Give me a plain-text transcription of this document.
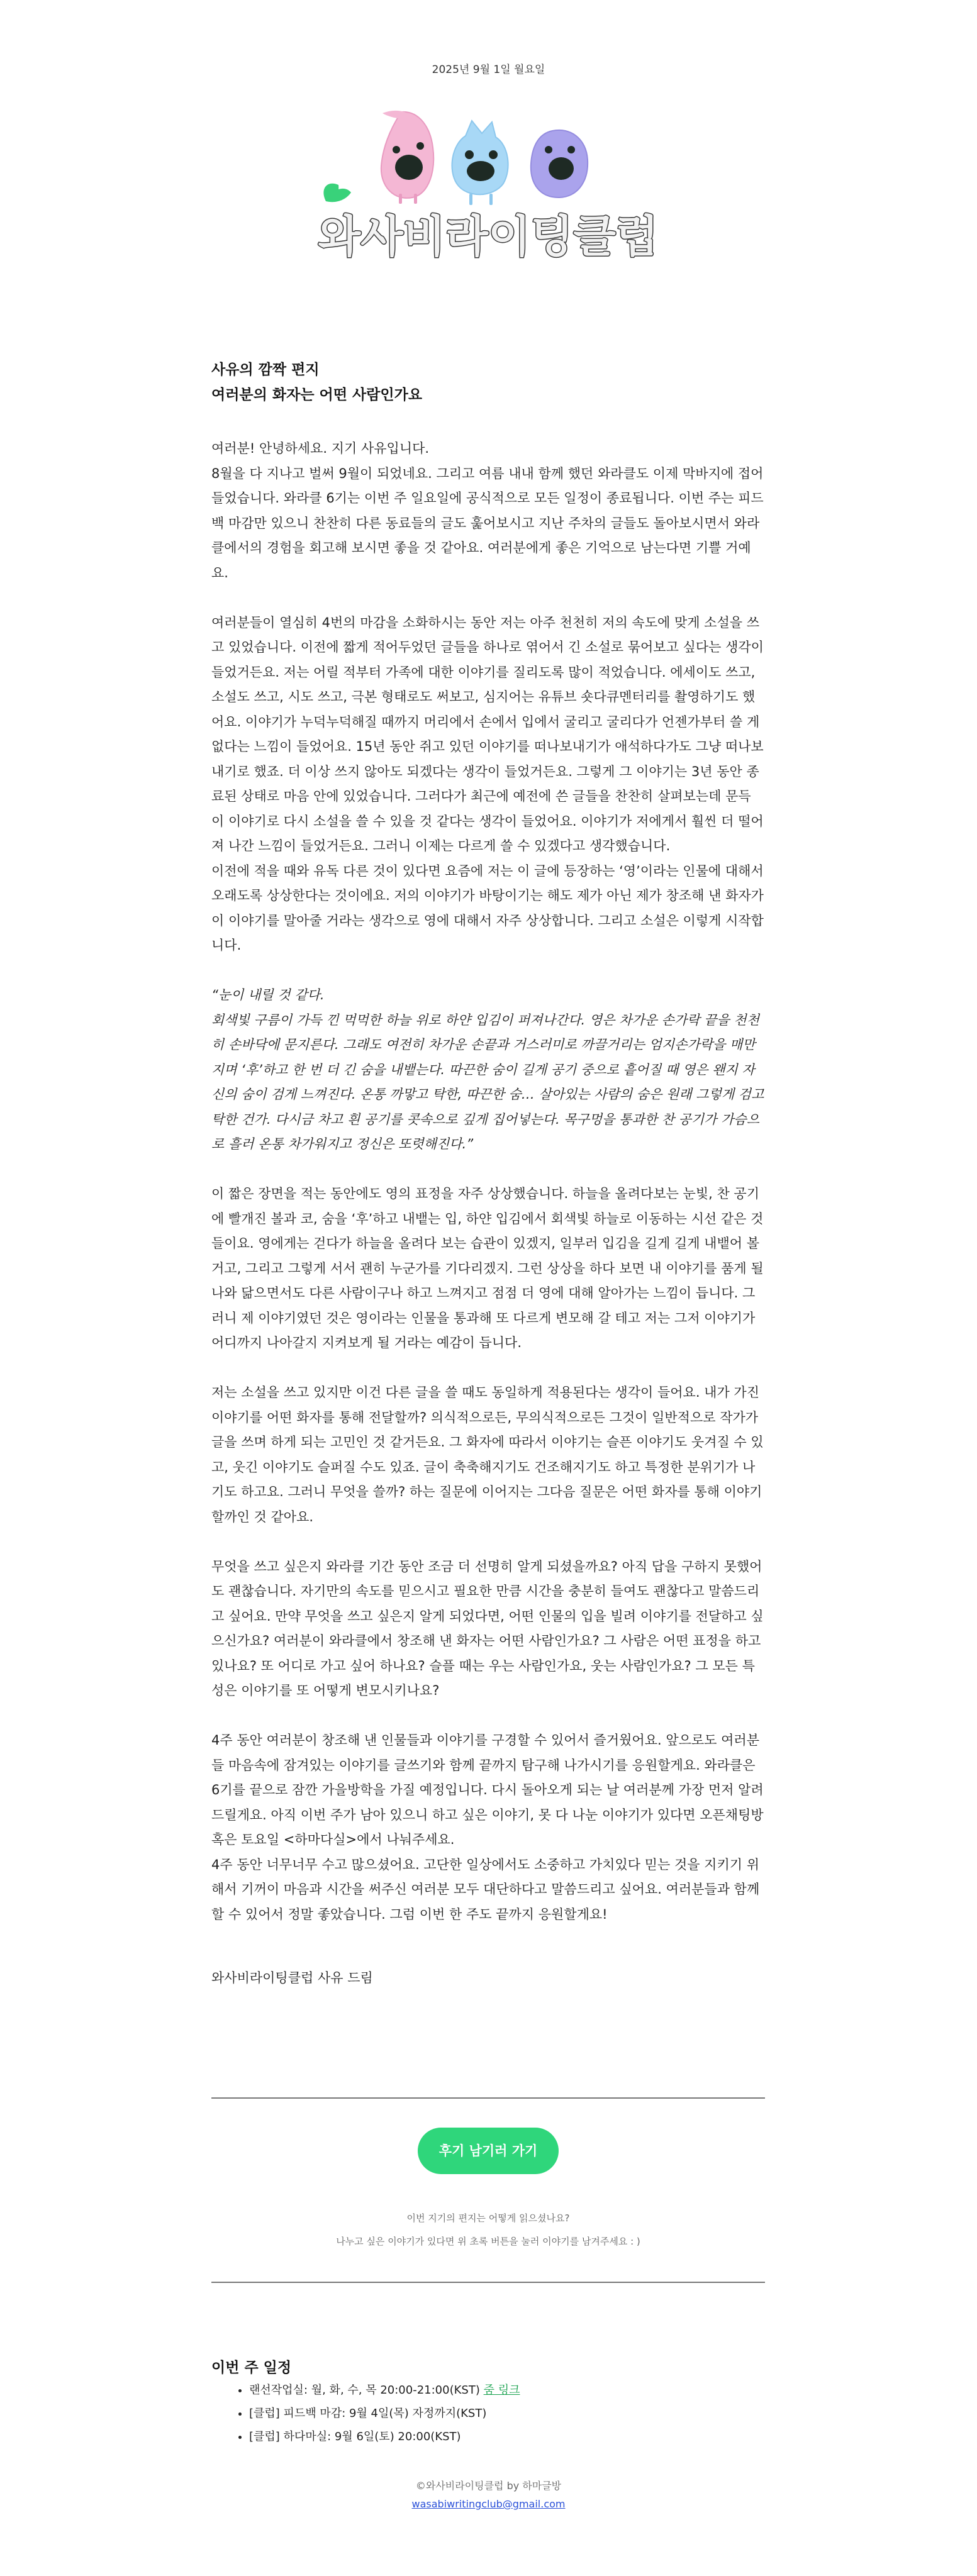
2025년 9월 1일 월요일
와사비라이팅클럽

사유의 깜짝 편지

여러분의 화자는 어떤 사람인가요

여러분! 안녕하세요. 지기 사유입니다.

8월을 다 지나고 벌써 9월이 되었네요. 그리고 여름 내내 함께 했던 와라클도 이제 막바지에 접어들었습니다. 와라클 6기는 이번 주 일요일에 공식적으로 모든 일정이 종료됩니다. 이번 주는 피드백 마감만 있으니 찬찬히 다른 동료들의 글도 훑어보시고 지난 주차의 글들도 돌아보시면서 와라클에서의 경험을 회고해 보시면 좋을 것 같아요. 여러분에게 좋은 기억으로 남는다면 기쁠 거예요.

여러분들이 열심히 4번의 마감을 소화하시는 동안 저는 아주 천천히 저의 속도에 맞게 소설을 쓰고 있었습니다. 이전에 짧게 적어두었던 글들을 하나로 엮어서 긴 소설로 묶어보고 싶다는 생각이 들었거든요. 저는 어릴 적부터 가족에 대한 이야기를 질리도록 많이 적었습니다. 에세이도 쓰고, 소설도 쓰고, 시도 쓰고, 극본 형태로도 써보고, 심지어는 유튜브 숏다큐멘터리를 촬영하기도 했어요. 이야기가 누덕누덕해질 때까지 머리에서 손에서 입에서 굴리고 굴리다가 언젠가부터 쓸 게 없다는 느낌이 들었어요. 15년 동안 쥐고 있던 이야기를 떠나보내기가 애석하다가도 그냥 떠나보내기로 했죠. 더 이상 쓰지 않아도 되겠다는 생각이 들었거든요. 그렇게 그 이야기는 3년 동안 종료된 상태로 마음 안에 있었습니다. 그러다가 최근에 예전에 쓴 글들을 찬찬히 살펴보는데 문득 이 이야기로 다시 소설을 쓸 수 있을 것 같다는 생각이 들었어요. 이야기가 저에게서 훨씬 더 떨어져 나간 느낌이 들었거든요. 그러니 이제는 다르게 쓸 수 있겠다고 생각했습니다.

이전에 적을 때와 유독 다른 것이 있다면 요즘에 저는 이 글에 등장하는 ‘영’이라는 인물에 대해서 오래도록 상상한다는 것이에요. 저의 이야기가 바탕이기는 해도 제가 아닌 제가 창조해 낸 화자가 이 이야기를 말아줄 거라는 생각으로 영에 대해서 자주 상상합니다. 그리고 소설은 이렇게 시작합니다.

“눈이 내릴 것 같다.

회색빛 구름이 가득 낀 먹먹한 하늘 위로 하얀 입김이 퍼져나간다. 영은 차가운 손가락 끝을 천천히 손바닥에 문지른다. 그래도 여전히 차가운 손끝과 거스러미로 까끌거리는 엄지손가락을 매만지며 ‘후’하고 한 번 더 긴 숨을 내뱉는다. 따끈한 숨이 길게 공기 중으로 흩어질 때 영은 왠지 자신의 숨이 검게 느껴진다. 온통 까맣고 탁한, 따끈한 숨… 살아있는 사람의 숨은 원래 그렇게 검고 탁한 건가. 다시금 차고 흰 공기를 콧속으로 깊게 집어넣는다. 목구멍을 통과한 찬 공기가 가슴으로 흘러 온통 차가워지고 정신은 또렷해진다.”

이 짧은 장면을 적는 동안에도 영의 표정을 자주 상상했습니다. 하늘을 올려다보는 눈빛, 찬 공기에 빨개진 볼과 코, 숨을 ‘후’하고 내뱉는 입, 하얀 입김에서 회색빛 하늘로 이동하는 시선 같은 것들이요. 영에게는 걷다가 하늘을 올려다 보는 습관이 있겠지, 일부러 입김을 길게 길게 내뱉어 볼 거고, 그리고 그렇게 서서 괜히 누군가를 기다리겠지. 그런 상상을 하다 보면 내 이야기를 품게 될 나와 닮으면서도 다른 사람이구나 하고 느껴지고 점점 더 영에 대해 알아가는 느낌이 듭니다. 그러니 제 이야기였던 것은 영이라는 인물을 통과해 또 다르게 변모해 갈 테고 저는 그저 이야기가 어디까지 나아갈지 지켜보게 될 거라는 예감이 듭니다.

저는 소설을 쓰고 있지만 이건 다른 글을 쓸 때도 동일하게 적용된다는 생각이 들어요. 내가 가진 이야기를 어떤 화자를 통해 전달할까? 의식적으로든, 무의식적으로든 그것이 일반적으로 작가가 글을 쓰며 하게 되는 고민인 것 같거든요. 그 화자에 따라서 이야기는 슬픈 이야기도 웃겨질 수 있고, 웃긴 이야기도 슬퍼질 수도 있죠. 글이 축축해지기도 건조해지기도 하고 특정한 분위기가 나기도 하고요. 그러니 무엇을 쓸까? 하는 질문에 이어지는 그다음 질문은 어떤 화자를 통해 이야기할까인 것 같아요.

무엇을 쓰고 싶은지 와라클 기간 동안 조금 더 선명히 알게 되셨을까요? 아직 답을 구하지 못했어도 괜찮습니다. 자기만의 속도를 믿으시고 필요한 만큼 시간을 충분히 들여도 괜찮다고 말씀드리고 싶어요. 만약 무엇을 쓰고 싶은지 알게 되었다면, 어떤 인물의 입을 빌려 이야기를 전달하고 싶으신가요? 여러분이 와라클에서 창조해 낸 화자는 어떤 사람인가요? 그 사람은 어떤 표정을 하고 있나요? 또 어디로 가고 싶어 하나요? 슬플 때는 우는 사람인가요, 웃는 사람인가요? 그 모든 특성은 이야기를 또 어떻게 변모시키나요?

4주 동안 여러분이 창조해 낸 인물들과 이야기를 구경할 수 있어서 즐거웠어요. 앞으로도 여러분들 마음속에 잠겨있는 이야기를 글쓰기와 함께 끝까지 탐구해 나가시기를 응원할게요. 와라클은 6기를 끝으로 잠깐 가을방학을 가질 예정입니다. 다시 돌아오게 되는 날 여러분께 가장 먼저 알려 드릴게요. 아직 이번 주가 남아 있으니 하고 싶은 이야기, 못 다 나눈 이야기가 있다면 오픈채팅방 혹은 토요일 <하마다실>에서 나눠주세요.

4주 동안 너무너무 수고 많으셨어요. 고단한 일상에서도 소중하고 가치있다 믿는 것을 지키기 위해서 기꺼이 마음과 시간을 써주신 여러분 모두 대단하다고 말씀드리고 싶어요. 여러분들과 함께 할 수 있어서 정말 좋았습니다. 그럼 이번 한 주도 끝까지 응원할게요!

와사비라이팅클럽 사유 드림
후기 남기러 가기
이번 지기의 편지는 어떻게 읽으셨나요?
나누고 싶은 이야기가 있다면 위 초록 버튼을 눌러 이야기를 남겨주세요 : )
이번 주 일정
• 랜선작업실: 월, 화, 수, 목 20:00-21:00(KST) 줌 링크
• [클럽] 피드백 마감: 9월 4일(목) 자정까지(KST)
• [클럽] 하다마실: 9월 6일(토) 20:00(KST)
©와사비라이팅클럽 by 하마글방
wasabiwritingclub@gmail.com
